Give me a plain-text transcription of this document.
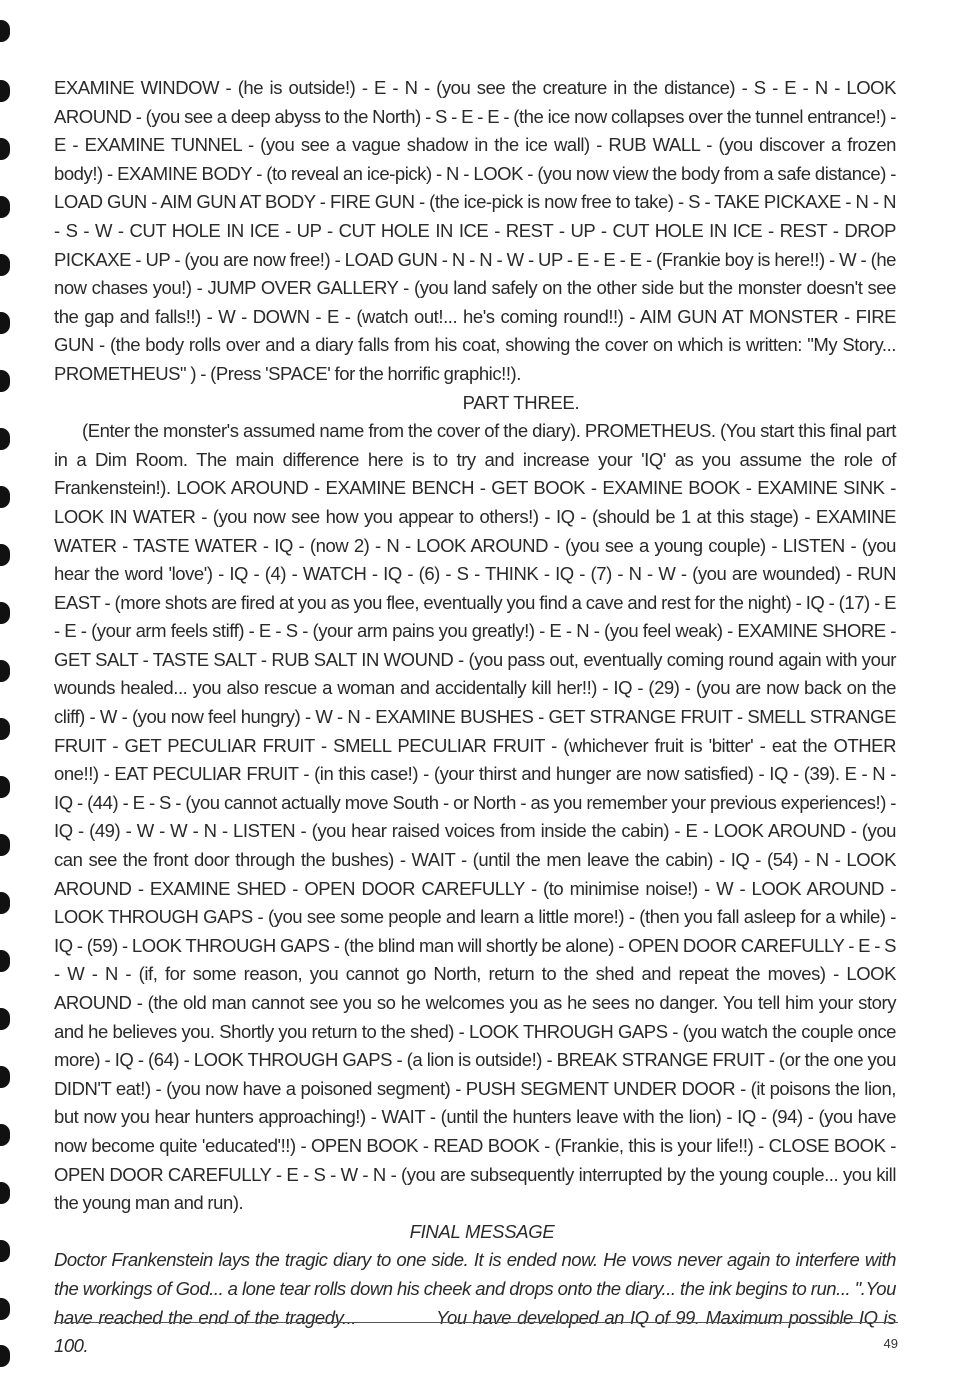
EXAMINE WINDOW - (he is outside!) - E - N - (you see the creature in the distance) - S - E - N - LOOK AROUND - (you see a deep abyss to the North) - S - E - E - (the ice now collapses over the tunnel entrance!) - E - EXAMINE TUNNEL - (you see a vague shadow in the ice wall) - RUB WALL - (you discover a frozen body!) - EXAMINE BODY - (to reveal an ice-pick) - N - LOOK - (you now view the body from a safe distance) - LOAD GUN - AIM GUN AT BODY - FIRE GUN - (the ice-pick is now free to take) - S - TAKE PICKAXE - N - N - S - W - CUT HOLE IN ICE - UP - CUT HOLE IN ICE - REST - UP - CUT HOLE IN ICE - REST - DROP PICKAXE - UP - (you are now free!) - LOAD GUN - N - N - W - UP - E - E - E - (Frankie boy is here!!) - W - (he now chases you!) - JUMP OVER GALLERY - (you land safely on the other side but the monster doesn't see the gap and falls!!) - W - DOWN - E - (watch out!... he's coming round!!) - AIM GUN AT MONSTER - FIRE GUN - (the body rolls over and a diary falls from his coat, showing the cover on which is written: "My Story... PROMETHEUS" ) - (Press 'SPACE' for the horrific graphic!!).

PART THREE.

(Enter the monster's assumed name from the cover of the diary). PROMETHEUS. (You start this final part in a Dim Room. The main difference here is to try and increase your 'IQ' as you assume the role of Frankenstein!). LOOK AROUND - EXAMINE BENCH - GET BOOK - EXAMINE BOOK - EXAMINE SINK - LOOK IN WATER - (you now see how you appear to others!) - IQ - (should be 1 at this stage) - EXAMINE WATER - TASTE WATER - IQ - (now 2) - N - LOOK AROUND - (you see a young couple) - LISTEN - (you hear the word 'love') - IQ - (4) - WATCH - IQ - (6) - S - THINK - IQ - (7) - N - W - (you are wounded) - RUN EAST - (more shots are fired at you as you flee, eventually you find a cave and rest for the night) - IQ - (17) - E - E - (your arm feels stiff) - E - S - (your arm pains you greatly!) - E - N - (you feel weak) - EXAMINE SHORE - GET SALT - TASTE SALT - RUB SALT IN WOUND - (you pass out, eventually coming round again with your wounds healed... you also rescue a woman and accidentally kill her!!) - IQ - (29) - (you are now back on the cliff) - W - (you now feel hungry) - W - N - EXAMINE BUSHES - GET STRANGE FRUIT - SMELL STRANGE FRUIT - GET PECULIAR FRUIT - SMELL PECULIAR FRUIT - (whichever fruit is 'bitter' - eat the OTHER one!!) - EAT PECULIAR FRUIT - (in this case!) - (your thirst and hunger are now satisfied) - IQ - (39). E - N - IQ - (44) - E - S - (you cannot actually move South - or North - as you remember your previous experiences!) - IQ - (49) - W - W - N - LISTEN - (you hear raised voices from inside the cabin) - E - LOOK AROUND - (you can see the front door through the bushes) - WAIT - (until the men leave the cabin) - IQ - (54) - N - LOOK AROUND - EXAMINE SHED - OPEN DOOR CAREFULLY - (to minimise noise!) - W - LOOK AROUND - LOOK THROUGH GAPS - (you see some people and learn a little more!) - (then you fall asleep for a while) - IQ - (59) - LOOK THROUGH GAPS - (the blind man will shortly be alone) - OPEN DOOR CAREFULLY - E - S - W - N - (if, for some reason, you cannot go North, return to the shed and repeat the moves) - LOOK AROUND - (the old man cannot see you so he welcomes you as he sees no danger. You tell him your story and he believes you. Shortly you return to the shed) - LOOK THROUGH GAPS - (you watch the couple once more) - IQ - (64) - LOOK THROUGH GAPS - (a lion is outside!) - BREAK STRANGE FRUIT - (or the one you DIDN'T eat!) - (you now have a poisoned segment) - PUSH SEGMENT UNDER DOOR - (it poisons the lion, but now you hear hunters approaching!) - WAIT - (until the hunters leave with the lion) - IQ - (94) - (you have now become quite 'educated'!!) - OPEN BOOK - READ BOOK - (Frankie, this is your life!!) - CLOSE BOOK - OPEN DOOR CAREFULLY - E - S - W - N - (you are subsequently interrupted by the young couple... you kill the young man and run).

FINAL MESSAGE

Doctor Frankenstein lays the tragic diary to one side. It is ended now. He vows never again to interfere with the workings of God... a lone tear rolls down his cheek and drops onto the diary... the ink begins to run... ".You have reached the end of the tragedy...	You have developed an IQ of 99. Maximum possible IQ is 100.	49
